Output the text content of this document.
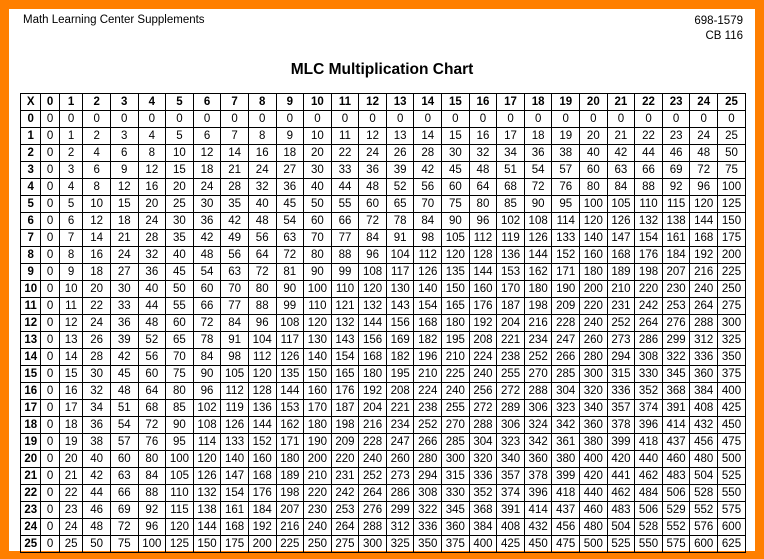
Math Learning Center Supplements	698-1579
CB 116
MLC Multiplication Chart
X	0	1	2	3	4	5	6	7	8	9	10	11	12	13	14	15	16	17	18	19	20	21	22	23	24	25
0	0	0	0	0	0	0	0	0	0	0	0	0	0	0	0	0	0	0	0	0	0	0	0	0	0	0
1	0	1	2	3	4	5	6	7	8	9	10	11	12	13	14	15	16	17	18	19	20	21	22	23	24	25
2	0	2	4	6	8	10	12	14	16	18	20	22	24	26	28	30	32	34	36	38	40	42	44	46	48	50
3	0	3	6	9	12	15	18	21	24	27	30	33	36	39	42	45	48	51	54	57	60	63	66	69	72	75
4	0	4	8	12	16	20	24	28	32	36	40	44	48	52	56	60	64	68	72	76	80	84	88	92	96	100
5	0	5	10	15	20	25	30	35	40	45	50	55	60	65	70	75	80	85	90	95	100	105	110	115	120	125
6	0	6	12	18	24	30	36	42	48	54	60	66	72	78	84	90	96	102	108	114	120	126	132	138	144	150
7	0	7	14	21	28	35	42	49	56	63	70	77	84	91	98	105	112	119	126	133	140	147	154	161	168	175
8	0	8	16	24	32	40	48	56	64	72	80	88	96	104	112	120	128	136	144	152	160	168	176	184	192	200
9	0	9	18	27	36	45	54	63	72	81	90	99	108	117	126	135	144	153	162	171	180	189	198	207	216	225
10	0	10	20	30	40	50	60	70	80	90	100	110	120	130	140	150	160	170	180	190	200	210	220	230	240	250
11	0	11	22	33	44	55	66	77	88	99	110	121	132	143	154	165	176	187	198	209	220	231	242	253	264	275
12	0	12	24	36	48	60	72	84	96	108	120	132	144	156	168	180	192	204	216	228	240	252	264	276	288	300
13	0	13	26	39	52	65	78	91	104	117	130	143	156	169	182	195	208	221	234	247	260	273	286	299	312	325
14	0	14	28	42	56	70	84	98	112	126	140	154	168	182	196	210	224	238	252	266	280	294	308	322	336	350
15	0	15	30	45	60	75	90	105	120	135	150	165	180	195	210	225	240	255	270	285	300	315	330	345	360	375
16	0	16	32	48	64	80	96	112	128	144	160	176	192	208	224	240	256	272	288	304	320	336	352	368	384	400
17	0	17	34	51	68	85	102	119	136	153	170	187	204	221	238	255	272	289	306	323	340	357	374	391	408	425
18	0	18	36	54	72	90	108	126	144	162	180	198	216	234	252	270	288	306	324	342	360	378	396	414	432	450
19	0	19	38	57	76	95	114	133	152	171	190	209	228	247	266	285	304	323	342	361	380	399	418	437	456	475
20	0	20	40	60	80	100	120	140	160	180	200	220	240	260	280	300	320	340	360	380	400	420	440	460	480	500
21	0	21	42	63	84	105	126	147	168	189	210	231	252	273	294	315	336	357	378	399	420	441	462	483	504	525
22	0	22	44	66	88	110	132	154	176	198	220	242	264	286	308	330	352	374	396	418	440	462	484	506	528	550
23	0	23	46	69	92	115	138	161	184	207	230	253	276	299	322	345	368	391	414	437	460	483	506	529	552	575
24	0	24	48	72	96	120	144	168	192	216	240	264	288	312	336	360	384	408	432	456	480	504	528	552	576	600
25	0	25	50	75	100	125	150	175	200	225	250	275	300	325	350	375	400	425	450	475	500	525	550	575	600	625
